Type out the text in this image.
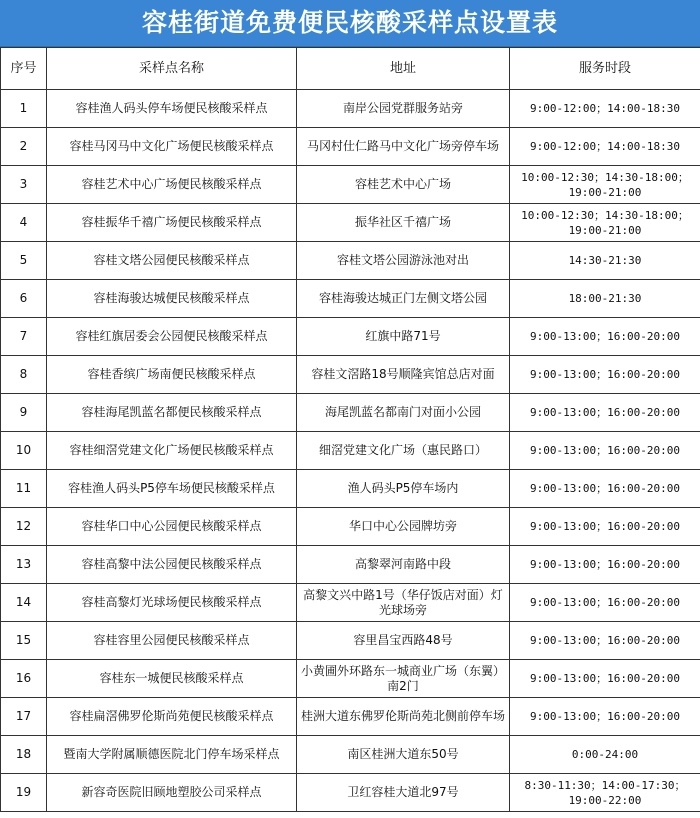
容桂街道免费便民核酸采样点设置表
序号	采样点名称	地址	服务时段
1	容桂渔人码头停车场便民核酸采样点	南岸公园党群服务站旁	9:00-12:00；14:00-18:30
2	容桂马冈马中文化广场便民核酸采样点	马冈村仕仁路马中文化广场旁停车场	9:00-12:00；14:00-18:30
3	容桂艺术中心广场便民核酸采样点	容桂艺术中心广场	10:00-12:30；14:30-18:00；19:00-21:00
4	容桂振华千禧广场便民核酸采样点	振华社区千禧广场	10:00-12:30；14:30-18:00；19:00-21:00
5	容桂文塔公园便民核酸采样点	容桂文塔公园游泳池对出	14:30-21:30
6	容桂海骏达城便民核酸采样点	容桂海骏达城正门左侧文塔公园	18:00-21:30
7	容桂红旗居委会公园便民核酸采样点	红旗中路71号	9:00-13:00；16:00-20:00
8	容桂香缤广场南便民核酸采样点	容桂文滘路18号顺隆宾馆总店对面	9:00-13:00；16:00-20:00
9	容桂海尾凯蓝名都便民核酸采样点	海尾凯蓝名都南门对面小公园	9:00-13:00；16:00-20:00
10	容桂细滘党建文化广场便民核酸采样点	细滘党建文化广场（惠民路口）	9:00-13:00；16:00-20:00
11	容桂渔人码头P5停车场便民核酸采样点	渔人码头P5停车场内	9:00-13:00；16:00-20:00
12	容桂华口中心公园便民核酸采样点	华口中心公园牌坊旁	9:00-13:00；16:00-20:00
13	容桂高黎中法公园便民核酸采样点	高黎翠河南路中段	9:00-13:00；16:00-20:00
14	容桂高黎灯光球场便民核酸采样点	高黎文兴中路1号（华仔饭店对面）灯光球场旁	9:00-13:00；16:00-20:00
15	容桂容里公园便民核酸采样点	容里昌宝西路48号	9:00-13:00；16:00-20:00
16	容桂东一城便民核酸采样点	小黄圃外环路东一城商业广场（东翼）南2门	9:00-13:00；16:00-20:00
17	容桂扁滘佛罗伦斯尚苑便民核酸采样点	桂洲大道东佛罗伦斯尚苑北侧前停车场	9:00-13:00；16:00-20:00
18	暨南大学附属顺德医院北门停车场采样点	南区桂洲大道东50号	0:00-24:00
19	新容奇医院旧顾地塑胶公司采样点	卫红容桂大道北97号	8:30-11:30；14:00-17:30；19:00-22:00
